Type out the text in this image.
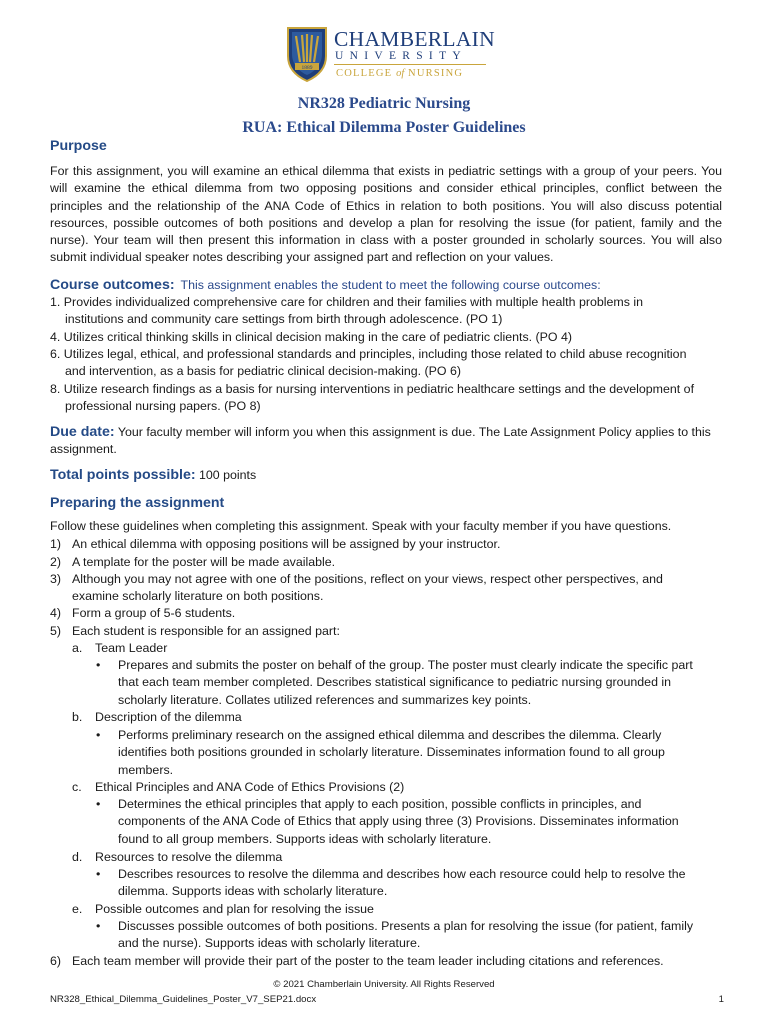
1889
CHAMBERLAIN
UNIVERSITY
COLLEGE of NURSING
NR328 Pediatric Nursing
RUA: Ethical Dilemma Poster Guidelines
Purpose
For this assignment, you will examine an ethical dilemma that exists in pediatric settings with a group of your peers. You will examine the ethical dilemma from two opposing positions and consider ethical principles, conflict between the principles and the relationship of the ANA Code of Ethics in relation to both positions. You will also discuss potential resources, possible outcomes of both positions and develop a plan for resolving the issue (for patient, family and the nurse). Your team will then present this information in class with a poster grounded in scholarly sources. You will also submit individual speaker notes describing your assigned part and reflection on your values.
Course outcomes: This assignment enables the student to meet the following course outcomes:
1. Provides individualized comprehensive care for children and their families with multiple health problems in
institutions and community care settings from birth through adolescence. (PO 1)
4. Utilizes critical thinking skills in clinical decision making in the care of pediatric clients. (PO 4)
6. Utilizes legal, ethical, and professional standards and principles, including those related to child abuse recognition
and intervention, as a basis for pediatric clinical decision-making. (PO 6)
8. Utilize research findings as a basis for nursing interventions in pediatric healthcare settings and the development of
professional nursing papers. (PO 8)
Due date: Your faculty member will inform you when this assignment is due. The Late Assignment Policy applies to this assignment.
Total points possible: 100 points
Preparing the assignment
Follow these guidelines when completing this assignment. Speak with your faculty member if you have questions.
1) An ethical dilemma with opposing positions will be assigned by your instructor.
2) A template for the poster will be made available.
3) Although you may not agree with one of the positions, reflect on your views, respect other perspectives, and examine scholarly literature on both positions.
4) Form a group of 5-6 students.
5) Each student is responsible for an assigned part:
a.	Team Leader
•	Prepares and submits the poster on behalf of the group. The poster must clearly indicate the specific part that each team member completed. Describes statistical significance to pediatric nursing grounded in scholarly literature. Collates utilized references and summarizes key points.
b.	Description of the dilemma
•	Performs preliminary research on the assigned ethical dilemma and describes the dilemma. Clearly identifies both positions grounded in scholarly literature. Disseminates information found to all group members.
c.	Ethical Principles and ANA Code of Ethics Provisions (2)
•	Determines the ethical principles that apply to each position, possible conflicts in principles, and components of the ANA Code of Ethics that apply using three (3) Provisions. Disseminates information found to all group members. Supports ideas with scholarly literature.
d.	Resources to resolve the dilemma
•	Describes resources to resolve the dilemma and describes how each resource could help to resolve the dilemma. Supports ideas with scholarly literature.
e.	Possible outcomes and plan for resolving the issue
•	Discusses possible outcomes of both positions. Presents a plan for resolving the issue (for patient, family and the nurse). Supports ideas with scholarly literature.
6) Each team member will provide their part of the poster to the team leader including citations and references.
© 2021 Chamberlain University. All Rights Reserved
NR328_Ethical_Dilemma_Guidelines_Poster_V7_SEP21.docx	1
